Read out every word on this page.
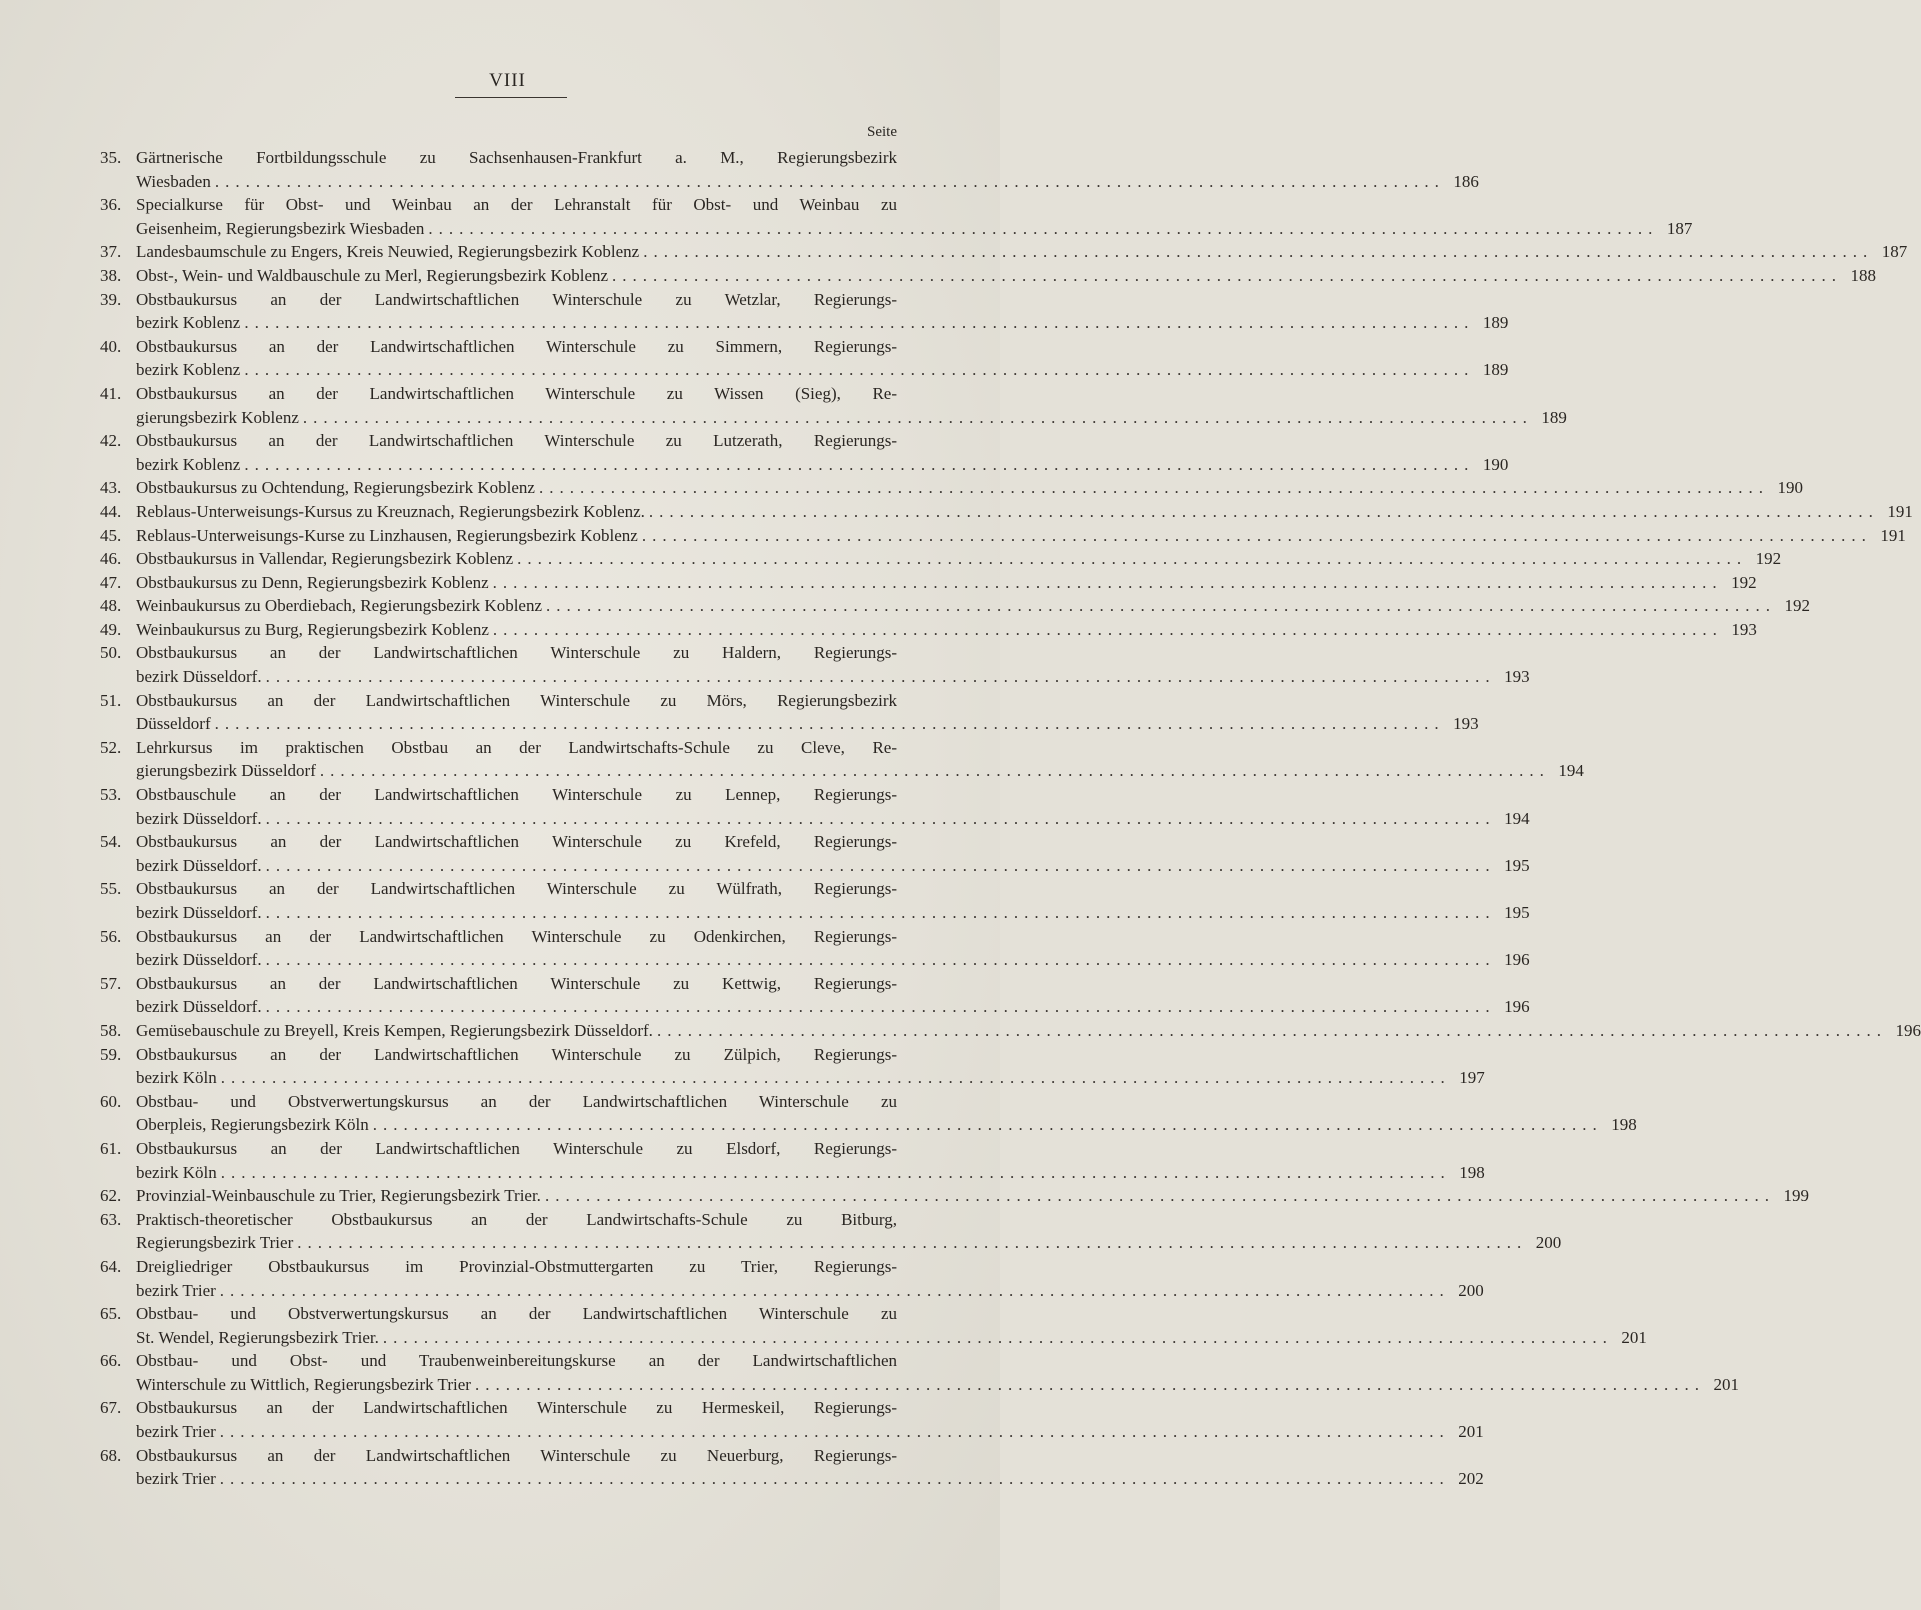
VIII
Seite
35. Gärtnerische Fortbildungsschule zu Sachsenhausen-Frankfurt a. M., Regierungsbezirk
Wiesbaden ........................................................................................................................ 186
36. Specialkurse für Obst- und Weinbau an der Lehranstalt für Obst- und Weinbau zu
Geisenheim, Regierungsbezirk Wiesbaden ........................................................................................................................ 187
37. Landesbaumschule zu Engers, Kreis Neuwied, Regierungsbezirk Koblenz ........................................................................................................................ 187
38. Obst-, Wein- und Waldbauschule zu Merl, Regierungsbezirk Koblenz ........................................................................................................................ 188
39. Obstbaukursus an der Landwirtschaftlichen Winterschule zu Wetzlar, Regierungs-
bezirk Koblenz ........................................................................................................................ 189
40. Obstbaukursus an der Landwirtschaftlichen Winterschule zu Simmern, Regierungs-
bezirk Koblenz ........................................................................................................................ 189
41. Obstbaukursus an der Landwirtschaftlichen Winterschule zu Wissen (Sieg), Re-
gierungsbezirk Koblenz ........................................................................................................................ 189
42. Obstbaukursus an der Landwirtschaftlichen Winterschule zu Lutzerath, Regierungs-
bezirk Koblenz ........................................................................................................................ 190
43. Obstbaukursus zu Ochtendung, Regierungsbezirk Koblenz ........................................................................................................................ 190
44. Reblaus-Unterweisungs-Kursus zu Kreuznach, Regierungsbezirk Koblenz. ........................................................................................................................ 191
45. Reblaus-Unterweisungs-Kurse zu Linzhausen, Regierungsbezirk Koblenz ........................................................................................................................ 191
46. Obstbaukursus in Vallendar, Regierungsbezirk Koblenz ........................................................................................................................ 192
47. Obstbaukursus zu Denn, Regierungsbezirk Koblenz ........................................................................................................................ 192
48. Weinbaukursus zu Oberdiebach, Regierungsbezirk Koblenz ........................................................................................................................ 192
49. Weinbaukursus zu Burg, Regierungsbezirk Koblenz ........................................................................................................................ 193
50. Obstbaukursus an der Landwirtschaftlichen Winterschule zu Haldern, Regierungs-
bezirk Düsseldorf. ........................................................................................................................ 193
51. Obstbaukursus an der Landwirtschaftlichen Winterschule zu Mörs, Regierungsbezirk
Düsseldorf ........................................................................................................................ 193
52. Lehrkursus im praktischen Obstbau an der Landwirtschafts-Schule zu Cleve, Re-
gierungsbezirk Düsseldorf ........................................................................................................................ 194
53. Obstbauschule an der Landwirtschaftlichen Winterschule zu Lennep, Regierungs-
bezirk Düsseldorf. ........................................................................................................................ 194
54. Obstbaukursus an der Landwirtschaftlichen Winterschule zu Krefeld, Regierungs-
bezirk Düsseldorf. ........................................................................................................................ 195
55. Obstbaukursus an der Landwirtschaftlichen Winterschule zu Wülfrath, Regierungs-
bezirk Düsseldorf. ........................................................................................................................ 195
56. Obstbaukursus an der Landwirtschaftlichen Winterschule zu Odenkirchen, Regierungs-
bezirk Düsseldorf. ........................................................................................................................ 196
57. Obstbaukursus an der Landwirtschaftlichen Winterschule zu Kettwig, Regierungs-
bezirk Düsseldorf. ........................................................................................................................ 196
58. Gemüsebauschule zu Breyell, Kreis Kempen, Regierungsbezirk Düsseldorf. ........................................................................................................................ 196
59. Obstbaukursus an der Landwirtschaftlichen Winterschule zu Zülpich, Regierungs-
bezirk Köln ........................................................................................................................ 197
60. Obstbau- und Obstverwertungskursus an der Landwirtschaftlichen Winterschule zu
Oberpleis, Regierungsbezirk Köln ........................................................................................................................ 198
61. Obstbaukursus an der Landwirtschaftlichen Winterschule zu Elsdorf, Regierungs-
bezirk Köln ........................................................................................................................ 198
62. Provinzial-Weinbauschule zu Trier, Regierungsbezirk Trier. ........................................................................................................................ 199
63. Praktisch-theoretischer Obstbaukursus an der Landwirtschafts-Schule zu Bitburg,
Regierungsbezirk Trier ........................................................................................................................ 200
64. Dreigliedriger Obstbaukursus im Provinzial-Obstmuttergarten zu Trier, Regierungs-
bezirk Trier ........................................................................................................................ 200
65. Obstbau- und Obstverwertungskursus an der Landwirtschaftlichen Winterschule zu
St. Wendel, Regierungsbezirk Trier. ........................................................................................................................ 201
66. Obstbau- und Obst- und Traubenweinbereitungskurse an der Landwirtschaftlichen
Winterschule zu Wittlich, Regierungsbezirk Trier ........................................................................................................................ 201
67. Obstbaukursus an der Landwirtschaftlichen Winterschule zu Hermeskeil, Regierungs-
bezirk Trier ........................................................................................................................ 201
68. Obstbaukursus an der Landwirtschaftlichen Winterschule zu Neuerburg, Regierungs-
bezirk Trier ........................................................................................................................ 202
